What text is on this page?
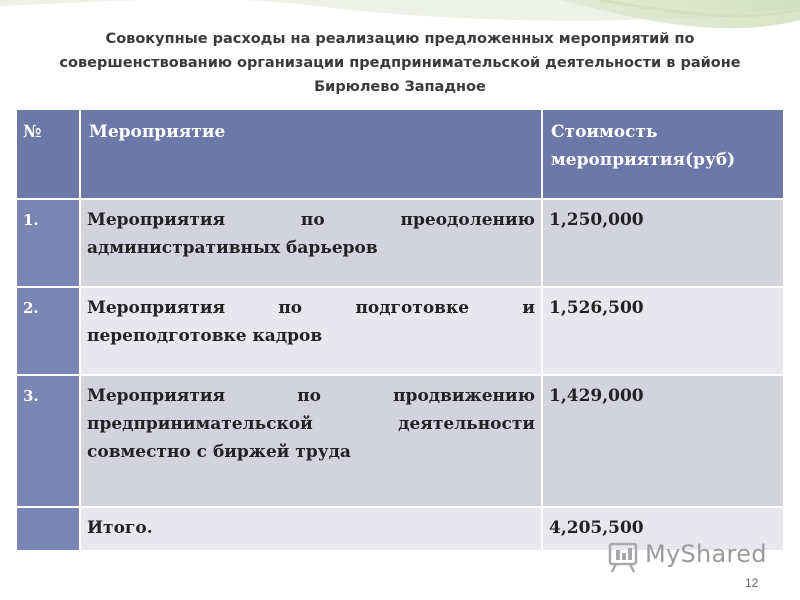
Совокупные расходы на реализацию предложенных мероприятий по
совершенствованию организации предпринимательской деятельности в районе
Бирюлево Западное
№	Мероприятие	Стоимость
мероприятия(руб)

1.	Мероприятия по преодолению
административных барьеров	1,250,000

2.	Мероприятия по подготовке и
переподготовке кадров	1,526,500

3.	Мероприятия по продвижению
предпринимательской деятельности
совместно с биржей труда	1,429,000

	Итого.	4,205,500
MyShared
12
